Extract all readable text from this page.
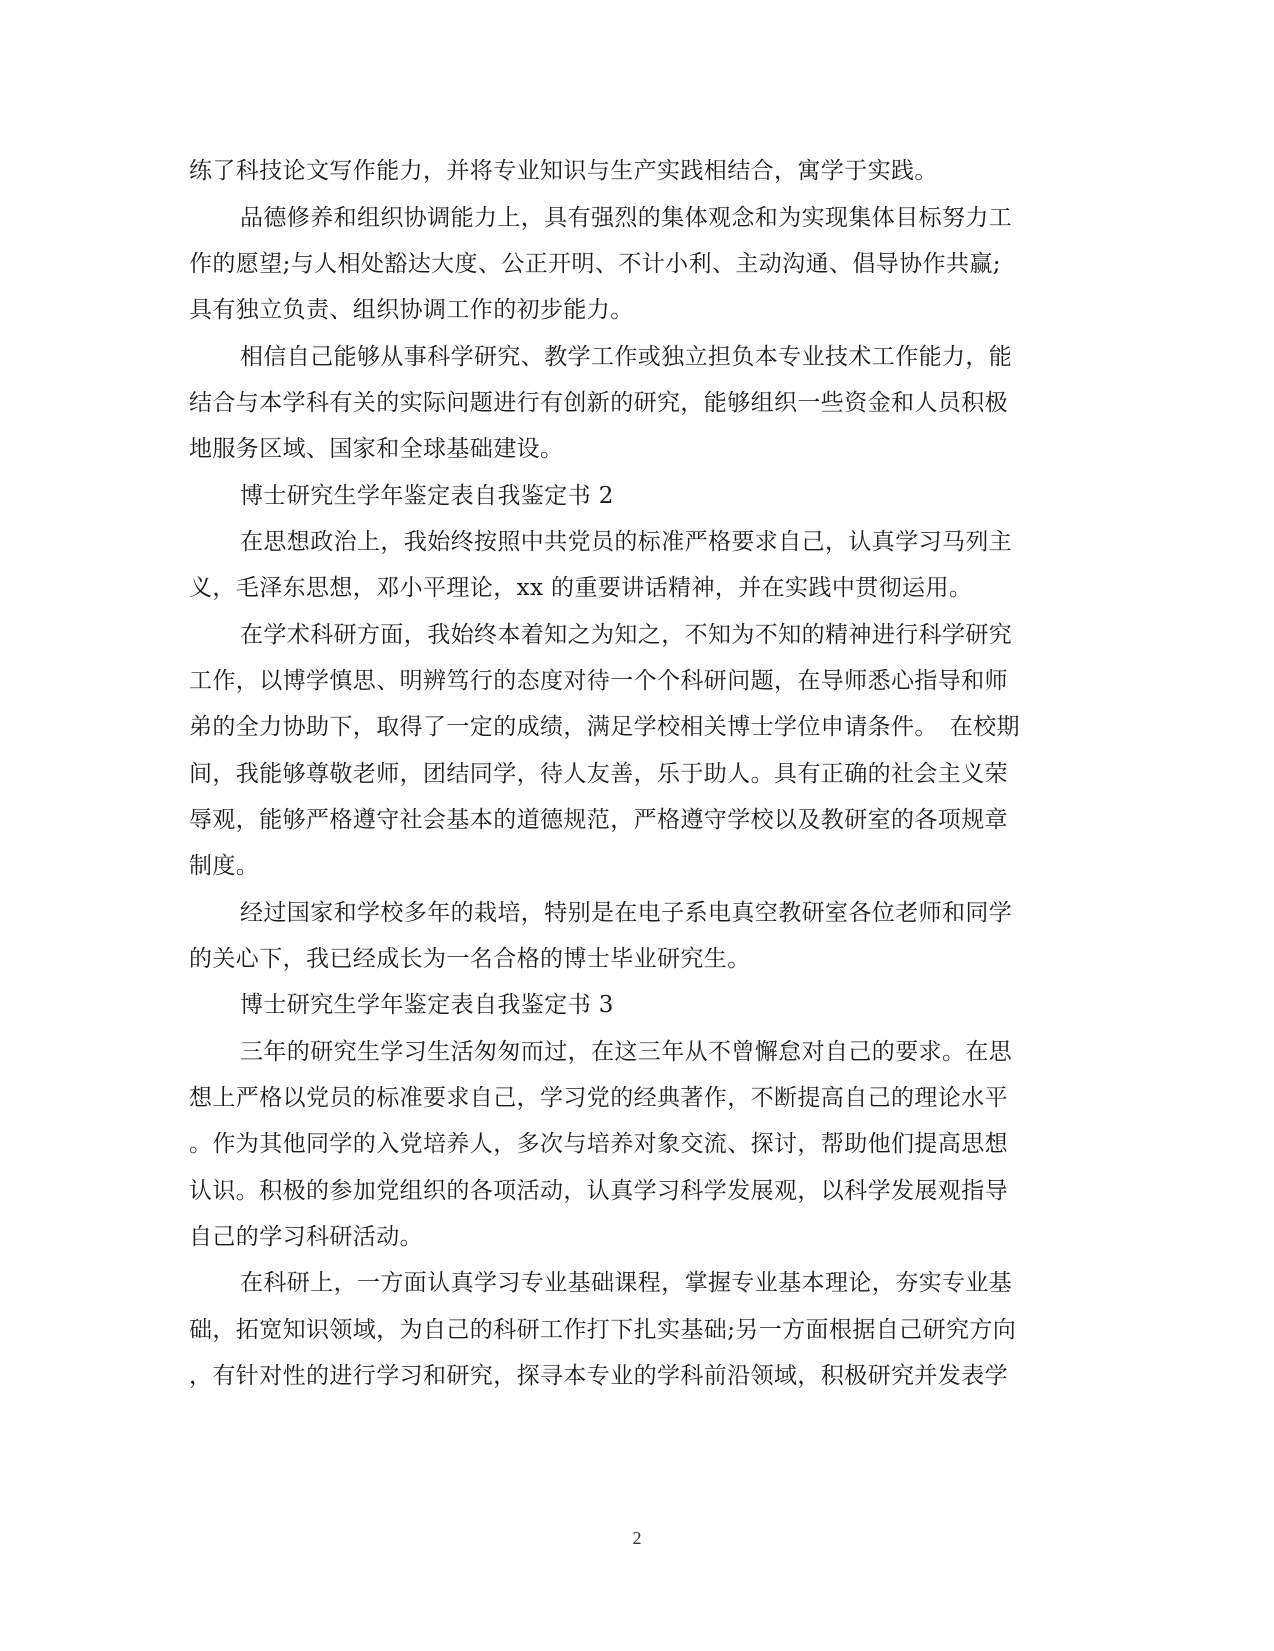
练了科技论文写作能力，并将专业知识与生产实践相结合，寓学于实践。
品德修养和组织协调能力上，具有强烈的集体观念和为实现集体目标努力工
作的愿望;与人相处豁达大度、公正开明、不计小利、主动沟通、倡导协作共赢;
具有独立负责、组织协调工作的初步能力。
相信自己能够从事科学研究、教学工作或独立担负本专业技术工作能力，能
结合与本学科有关的实际问题进行有创新的研究，能够组织一些资金和人员积极
地服务区域、国家和全球基础建设。
博士研究生学年鉴定表自我鉴定书 2
在思想政治上，我始终按照中共党员的标准严格要求自己，认真学习马列主
义，毛泽东思想，邓小平理论，xx 的重要讲话精神，并在实践中贯彻运用。
在学术科研方面，我始终本着知之为知之，不知为不知的精神进行科学研究
工作，以博学慎思、明辨笃行的态度对待一个个科研问题，在导师悉心指导和师
弟的全力协助下，取得了一定的成绩，满足学校相关博士学位申请条件。　在校期
间，我能够尊敬老师，团结同学，待人友善，乐于助人。具有正确的社会主义荣
辱观，能够严格遵守社会基本的道德规范，严格遵守学校以及教研室的各项规章
制度。
经过国家和学校多年的栽培，特别是在电子系电真空教研室各位老师和同学
的关心下，我已经成长为一名合格的博士毕业研究生。
博士研究生学年鉴定表自我鉴定书 3
三年的研究生学习生活匆匆而过，在这三年从不曾懈怠对自己的要求。在思
想上严格以党员的标准要求自己，学习党的经典著作，不断提高自己的理论水平
。作为其他同学的入党培养人，多次与培养对象交流、探讨，帮助他们提高思想
认识。积极的参加党组织的各项活动，认真学习科学发展观，以科学发展观指导
自己的学习科研活动。
在科研上，一方面认真学习专业基础课程，掌握专业基本理论，夯实专业基
础，拓宽知识领域，为自己的科研工作打下扎实基础;另一方面根据自己研究方向
，有针对性的进行学习和研究，探寻本专业的学科前沿领域，积极研究并发表学
2
